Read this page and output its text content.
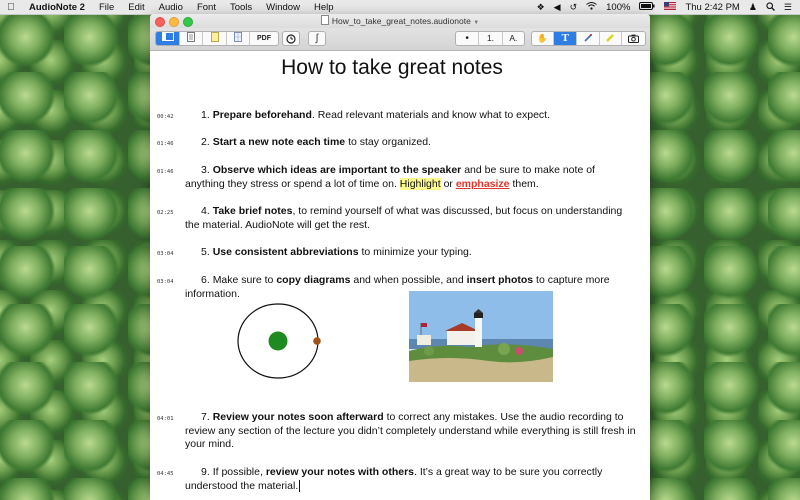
AudioNote 2	File	Edit	Audio	Font	Tools	Window	Help	❖ ◀ ↺	100%	Thu 2:42 PM ♟	☰
How_to_take_great_notes.audionote ▼
PDF	∫	•	1.	A.	✋	T
How to take great notes
00:42	1. Prepare beforehand. Read relevant materials and know what to expect.
01:46	2. Start a new note each time to stay organized.
01:46	3. Observe which ideas are important to the speaker and be sure to make note of anything they stress or spend a lot of time on. Highlight or emphasize them.
02:25	4. Take brief notes, to remind yourself of what was discussed, but focus on understanding the material. AudioNote will get the rest.
03:04	5. Use consistent abbreviations to minimize your typing.
03:04	6. Make sure to copy diagrams and when possible, and insert photos to capture more information.
04:01	7. Review your notes soon afterward to correct any mistakes. Use the audio recording to review any section of the lecture you didn’t completely understand while everything is still fresh in your mind.
04:45	9. If possible, review your notes with others. It’s a great way to be sure you correctly understood the material.
